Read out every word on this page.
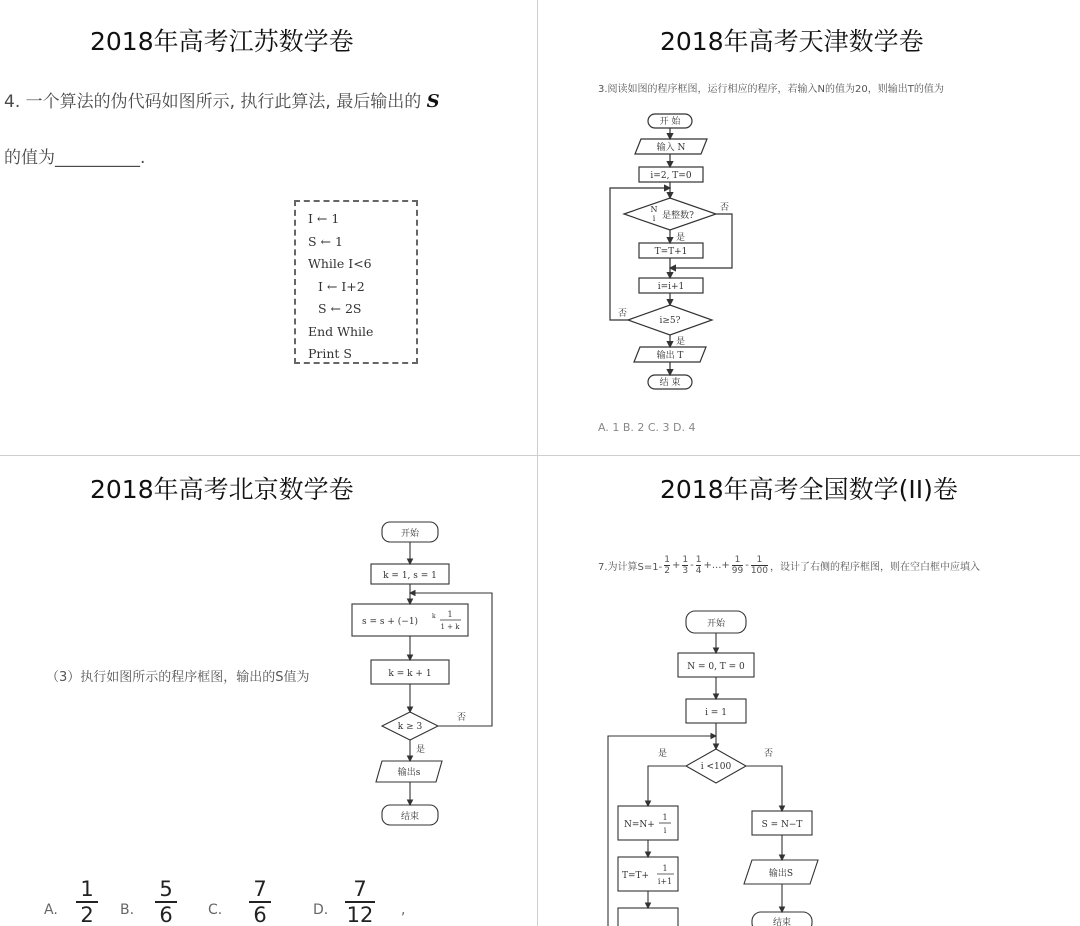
2018年高考江苏数学卷
4. 一个算法的伪代码如图所示, 执行此算法, 最后输出的 S
的值为__________.
I ← 1
S ← 1
While I<6
I ← I+2
S ← 2S
End While
Print S
2018年高考天津数学卷
3.阅读如图的程序框图，运行相应的程序，若输入N的值为20，则输出T的值为
开 始
输入 N
i=2, T=0
N
i 是整数?
否
是
T=T+1
i=i+1
i≥5?
否
是
输出 T
结 束
A. 1 B. 2 C. 3 D. 4
2018年高考北京数学卷
（3）执行如图所示的程序框图，输出的S值为
开始
k = 1, s = 1
s = s + (−1)
k 1
1 + k
k = k + 1
k ≥ 3
否
是
输出s
结束
A.
1
2	B.
5
6	C.
7
6	D.
7
12 ,
2018年高考全国数学(II)卷
7.为计算S=1-
1
$2 + \frac{1}{3} - 1$
4 +...+ $\frac{1}{99} - 1$
100 ，设计了右侧的程序框图，则在空白框中应填入
开始
N = 0, T = 0
i = 1
i <100
是	否
N=N+
1
i
T=T+
1
i+1
S = N−T
输出S
结束
